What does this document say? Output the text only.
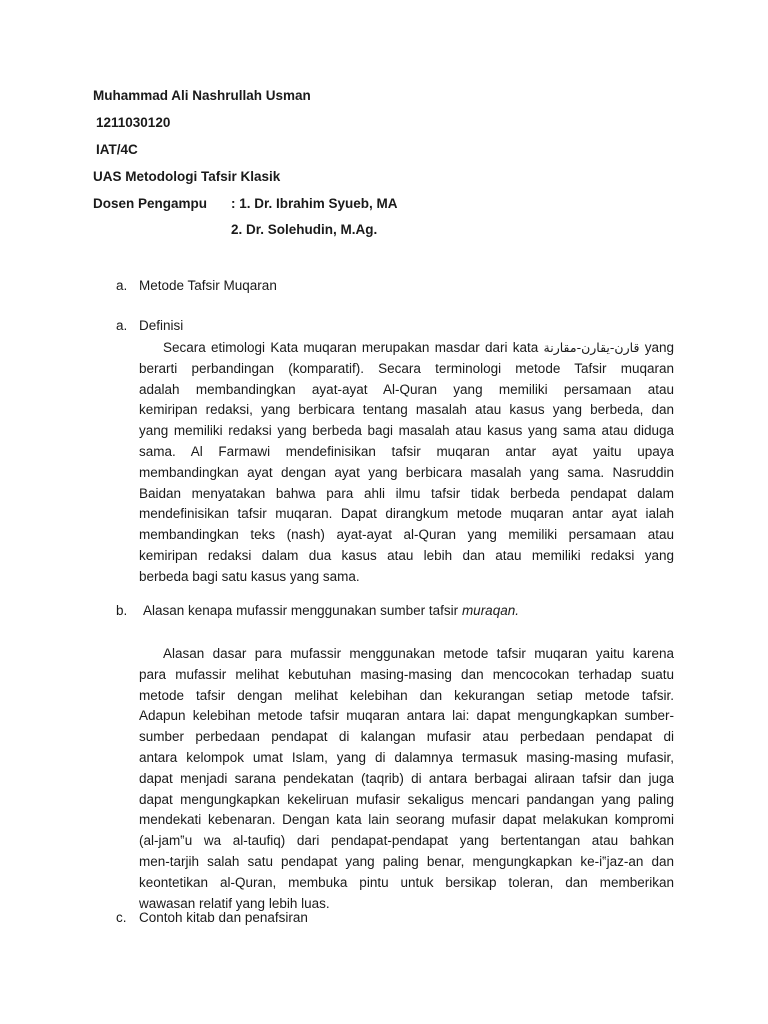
Muhammad Ali Nashrullah Usman
1211030120
IAT/4C
UAS Metodologi Tafsir Klasik
Dosen Pengampu : 1. Dr. Ibrahim Syueb, MA
2. Dr. Solehudin, M.Ag.
a. Metode Tafsir Muqaran
a. Definisi
Secara etimologi Kata muqaran merupakan masdar dari kata قارن-يقارن-مقارنة yang
berarti perbandingan (komparatif). Secara terminologi metode Tafsir muqaran
adalah membandingkan ayat-ayat Al-Quran yang memiliki persamaan atau
kemiripan redaksi, yang berbicara tentang masalah atau kasus yang berbeda, dan
yang memiliki redaksi yang berbeda bagi masalah atau kasus yang sama atau diduga
sama. Al Farmawi mendefinisikan tafsir muqaran antar ayat yaitu upaya
membandingkan ayat dengan ayat yang berbicara masalah yang sama. Nasruddin
Baidan menyatakan bahwa para ahli ilmu tafsir tidak berbeda pendapat dalam
mendefinisikan tafsir muqaran. Dapat dirangkum metode muqaran antar ayat ialah
membandingkan teks (nash) ayat-ayat al-Quran yang memiliki persamaan atau
kemiripan redaksi dalam dua kasus atau lebih dan atau memiliki redaksi yang
berbeda bagi satu kasus yang sama.
b. Alasan kenapa mufassir menggunakan sumber tafsir muraqan.
Alasan dasar para mufassir menggunakan metode tafsir muqaran yaitu karena
para mufassir melihat kebutuhan masing-masing dan mencocokan terhadap suatu
metode tafsir dengan melihat kelebihan dan kekurangan setiap metode tafsir.
Adapun kelebihan metode tafsir muqaran antara lai: dapat mengungkapkan sumber-
sumber perbedaan pendapat di kalangan mufasir atau perbedaan pendapat di
antara kelompok umat Islam, yang di dalamnya termasuk masing-masing mufasir,
dapat menjadi sarana pendekatan (taqrib) di antara berbagai aliraan tafsir dan juga
dapat mengungkapkan kekeliruan mufasir sekaligus mencari pandangan yang paling
mendekati kebenaran. Dengan kata lain seorang mufasir dapat melakukan kompromi
(al-jam‟u wa al-taufiq) dari pendapat-pendapat yang bertentangan atau bahkan
men-tarjih salah satu pendapat yang paling benar, mengungkapkan ke-i‟jaz-an dan
keontetikan al-Quran, membuka pintu untuk bersikap toleran, dan memberikan
wawasan relatif yang lebih luas.
c. Contoh kitab dan penafsiran
